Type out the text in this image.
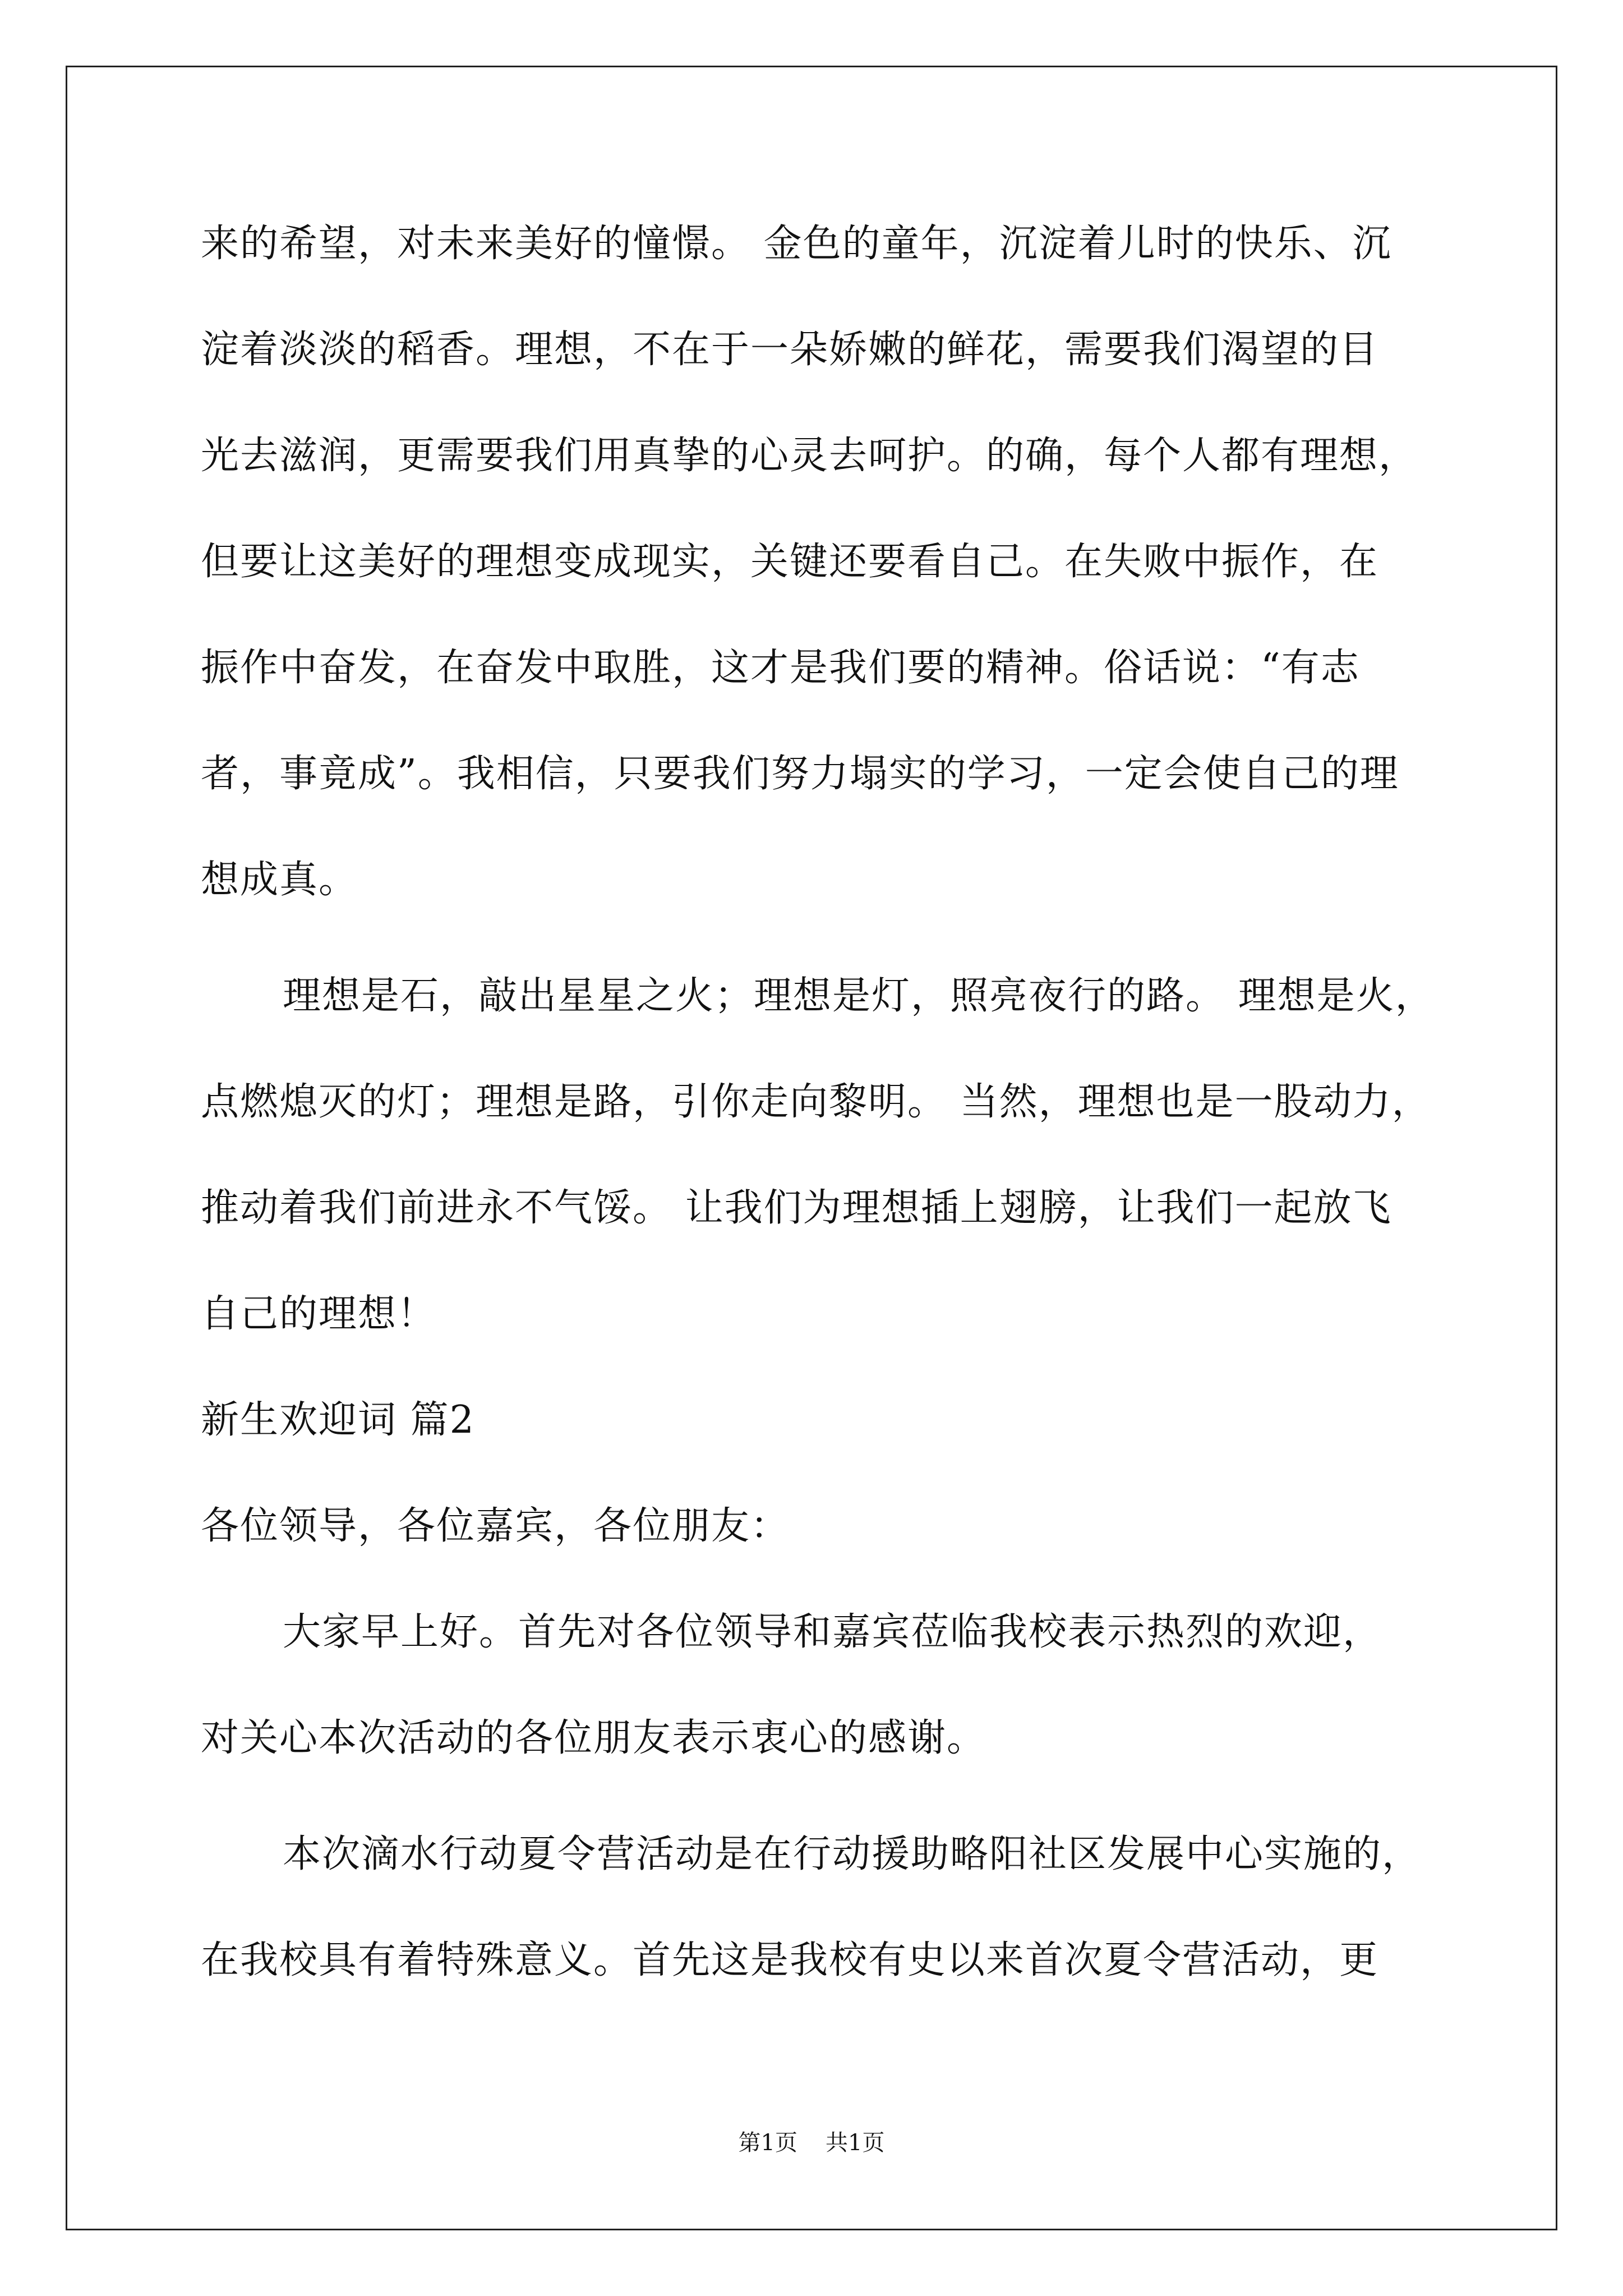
来的希望，对未来美好的憧憬。 金色的童年，沉淀着儿时的快乐、沉
淀着淡淡的稻香。理想，不在于一朵娇嫩的鲜花，需要我们渴望的目
光去滋润，更需要我们用真挚的心灵去呵护。的确，每个人都有理想，
但要让这美好的理想变成现实，关键还要看自己。在失败中振作，在
振作中奋发，在奋发中取胜，这才是我们要的精神。俗话说：“有志
者，事竟成”。我相信，只要我们努力塌实的学习，一定会使自己的理
想成真。
理想是石，敲出星星之火；理想是灯，照亮夜行的路。 理想是火，
点燃熄灭的灯；理想是路，引你走向黎明。 当然，理想也是一股动力，
推动着我们前进永不气馁。 让我们为理想插上翅膀，让我们一起放飞
自己的理想！
新生欢迎词 篇2
各位领导，各位嘉宾，各位朋友：
大家早上好。首先对各位领导和嘉宾莅临我校表示热烈的欢迎，
对关心本次活动的各位朋友表示衷心的感谢。
本次滴水行动夏令营活动是在行动援助略阳社区发展中心实施的，
在我校具有着特殊意义。首先这是我校有史以来首次夏令营活动，更
第1页 共1页
